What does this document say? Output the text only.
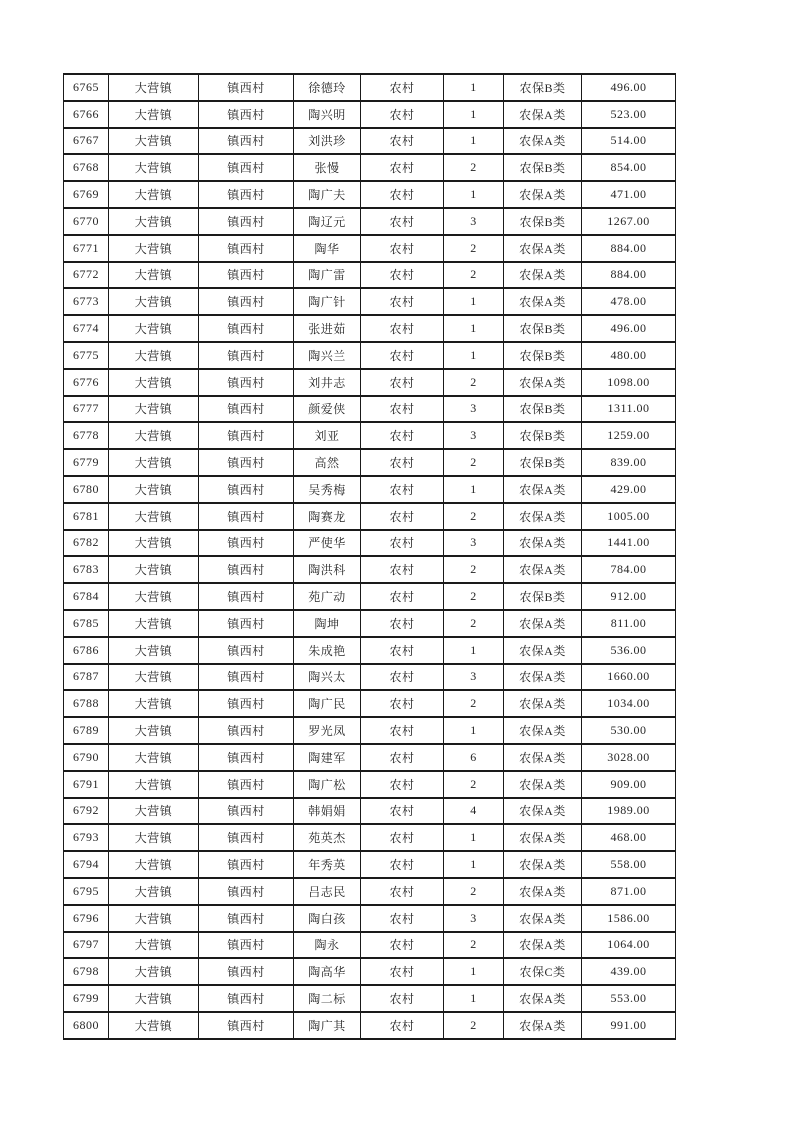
6765	大营镇	镇西村	徐德玲	农村	1	农保B类	496.00
6766	大营镇	镇西村	陶兴明	农村	1	农保A类	523.00
6767	大营镇	镇西村	刘洪珍	农村	1	农保A类	514.00
6768	大营镇	镇西村	张慢	农村	2	农保B类	854.00
6769	大营镇	镇西村	陶广夫	农村	1	农保A类	471.00
6770	大营镇	镇西村	陶辽元	农村	3	农保B类	1267.00
6771	大营镇	镇西村	陶华	农村	2	农保A类	884.00
6772	大营镇	镇西村	陶广雷	农村	2	农保A类	884.00
6773	大营镇	镇西村	陶广针	农村	1	农保A类	478.00
6774	大营镇	镇西村	张进茹	农村	1	农保B类	496.00
6775	大营镇	镇西村	陶兴兰	农村	1	农保B类	480.00
6776	大营镇	镇西村	刘井志	农村	2	农保A类	1098.00
6777	大营镇	镇西村	颜爱侠	农村	3	农保B类	1311.00
6778	大营镇	镇西村	刘亚	农村	3	农保B类	1259.00
6779	大营镇	镇西村	高然	农村	2	农保B类	839.00
6780	大营镇	镇西村	吴秀梅	农村	1	农保A类	429.00
6781	大营镇	镇西村	陶赛龙	农村	2	农保A类	1005.00
6782	大营镇	镇西村	严使华	农村	3	农保A类	1441.00
6783	大营镇	镇西村	陶洪科	农村	2	农保A类	784.00
6784	大营镇	镇西村	苑广动	农村	2	农保B类	912.00
6785	大营镇	镇西村	陶坤	农村	2	农保A类	811.00
6786	大营镇	镇西村	朱成艳	农村	1	农保A类	536.00
6787	大营镇	镇西村	陶兴太	农村	3	农保A类	1660.00
6788	大营镇	镇西村	陶广民	农村	2	农保A类	1034.00
6789	大营镇	镇西村	罗光凤	农村	1	农保A类	530.00
6790	大营镇	镇西村	陶建军	农村	6	农保A类	3028.00
6791	大营镇	镇西村	陶广松	农村	2	农保A类	909.00
6792	大营镇	镇西村	韩娟娟	农村	4	农保A类	1989.00
6793	大营镇	镇西村	苑英杰	农村	1	农保A类	468.00
6794	大营镇	镇西村	年秀英	农村	1	农保A类	558.00
6795	大营镇	镇西村	吕志民	农村	2	农保A类	871.00
6796	大营镇	镇西村	陶白孩	农村	3	农保A类	1586.00
6797	大营镇	镇西村	陶永	农村	2	农保A类	1064.00
6798	大营镇	镇西村	陶高华	农村	1	农保C类	439.00
6799	大营镇	镇西村	陶二标	农村	1	农保A类	553.00
6800	大营镇	镇西村	陶广其	农村	2	农保A类	991.00
